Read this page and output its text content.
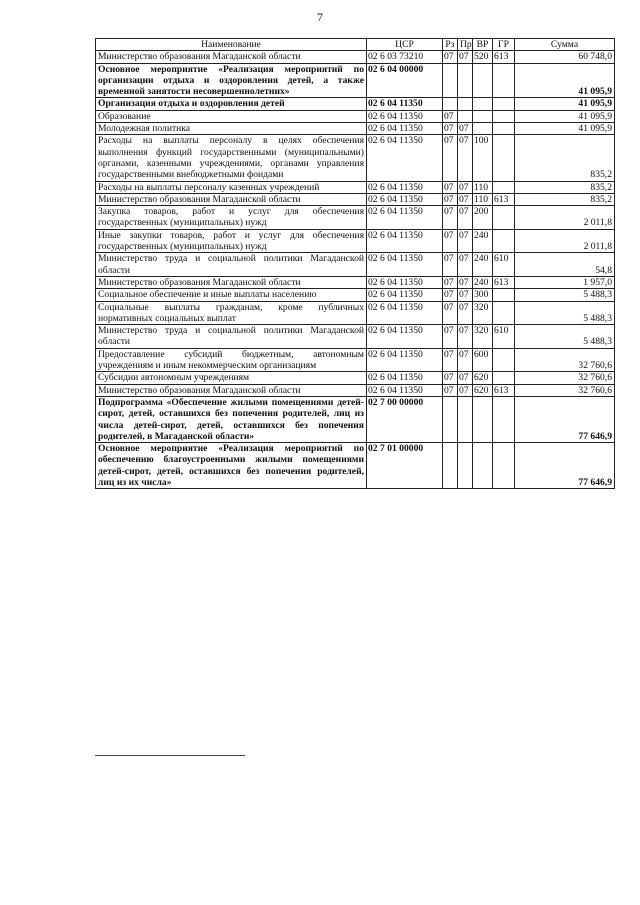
7
Наименование	ЦСР	Рз	Пр	ВР	ГР	Сумма
Министерство образования Магаданской области	02 6 03 73210	07	07	520	613	60 748,0
Основное мероприятие «Реализация мероприятий по организации отдыха и оздоровления детей, а также временной занятости несовершеннолетних»	02 6 04 00000					41 095,9
Организация отдыха и оздоровления детей	02 6 04 11350					41 095,9
Образование	02 6 04 11350	07				41 095,9
Молодежная политика	02 6 04 11350	07	07			41 095,9
Расходы на выплаты персоналу в целях обеспечения выполнения функций государственными (муниципальными) органами, казенными учреждениями, органами управления государственными внебюджетными фондами	02 6 04 11350	07	07	100		835,2
Расходы на выплаты персоналу казенных учреждений	02 6 04 11350	07	07	110		835,2
Министерство образования Магаданской области	02 6 04 11350	07	07	110	613	835,2
Закупка товаров, работ и услуг для обеспечения государственных (муниципальных) нужд	02 6 04 11350	07	07	200		2 011,8
Иные закупки товаров, работ и услуг для обеспечения государственных (муниципальных) нужд	02 6 04 11350	07	07	240		2 011,8
Министерство труда и социальной политики Магаданской области	02 6 04 11350	07	07	240	610	54,8
Министерство образования Магаданской области	02 6 04 11350	07	07	240	613	1 957,0
Социальное обеспечение и иные выплаты населению	02 6 04 11350	07	07	300		5 488,3
Социальные выплаты гражданам, кроме публичных нормативных социальных выплат	02 6 04 11350	07	07	320		5 488,3
Министерство труда и социальной политики Магаданской области	02 6 04 11350	07	07	320	610	5 488,3
Предоставление субсидий бюджетным, автономным учреждениям и иным некоммерческим организациям	02 6 04 11350	07	07	600		32 760,6
Субсидии автономным учреждениям	02 6 04 11350	07	07	620		32 760,6
Министерство образования Магаданской области	02 6 04 11350	07	07	620	613	32 760,6
Подпрограмма «Обеспечение жилыми помещениями детей-сирот, детей, оставшихся без попечения родителей, лиц из числа детей-сирот, детей, оставшихся без попечения родителей, в Магаданской области»	02 7 00 00000					77 646,9
Основное мероприятие «Реализация мероприятий по обеспечению благоустроенными жилыми помещениями детей-сирот, детей, оставшихся без попечения родителей, лиц из их числа»	02 7 01 00000					77 646,9
